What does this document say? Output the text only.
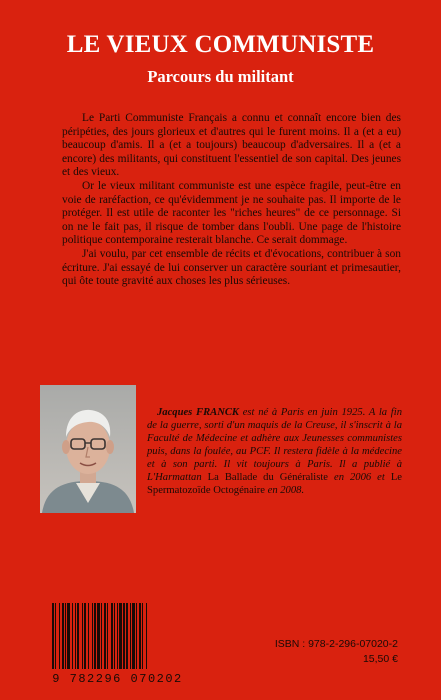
LE VIEUX COMMUNISTE
Parcours du militant

Le Parti Communiste Français a connu et connaît encore bien des péripéties, des jours glorieux et d'autres qui le furent moins. Il a (et a eu) beaucoup d'amis. Il a (et a toujours) beaucoup d'adversaires. Il a (et a encore) des militants, qui constituent l'essentiel de son capital. Des jeunes et des vieux.

Or le vieux militant communiste est une espèce fragile, peut-être en voie de raréfaction, ce qu'évidemment je ne souhaite pas. Il importe de le protéger. Il est utile de raconter les "riches heures" de ce personnage. Si on ne le fait pas, il risque de tomber dans l'oubli. Une page de l'histoire politique contemporaine resterait blanche. Ce serait dommage.

J'ai voulu, par cet ensemble de récits et d'évocations, contribuer à son écriture. J'ai essayé de lui conserver un caractère souriant et primesautier, qui ôte toute gravité aux choses les plus sérieuses.

Jacques FRANCK est né à Paris en juin 1925. A la fin de la guerre, sorti d'un maquis de la Creuse, il s'inscrit à la Faculté de Médecine et adhère aux Jeunesses communistes puis, dans la foulée, au PCF. Il restera fidèle à la médecine et à son parti. Il vit toujours à Paris. Il a publié à L'Harmattan La Ballade du Généraliste en 2006 et Le Spermatozoïde Octogénaire en 2008.

9 782296 070202
ISBN : 978-2-296-07020-2
15,50 €
